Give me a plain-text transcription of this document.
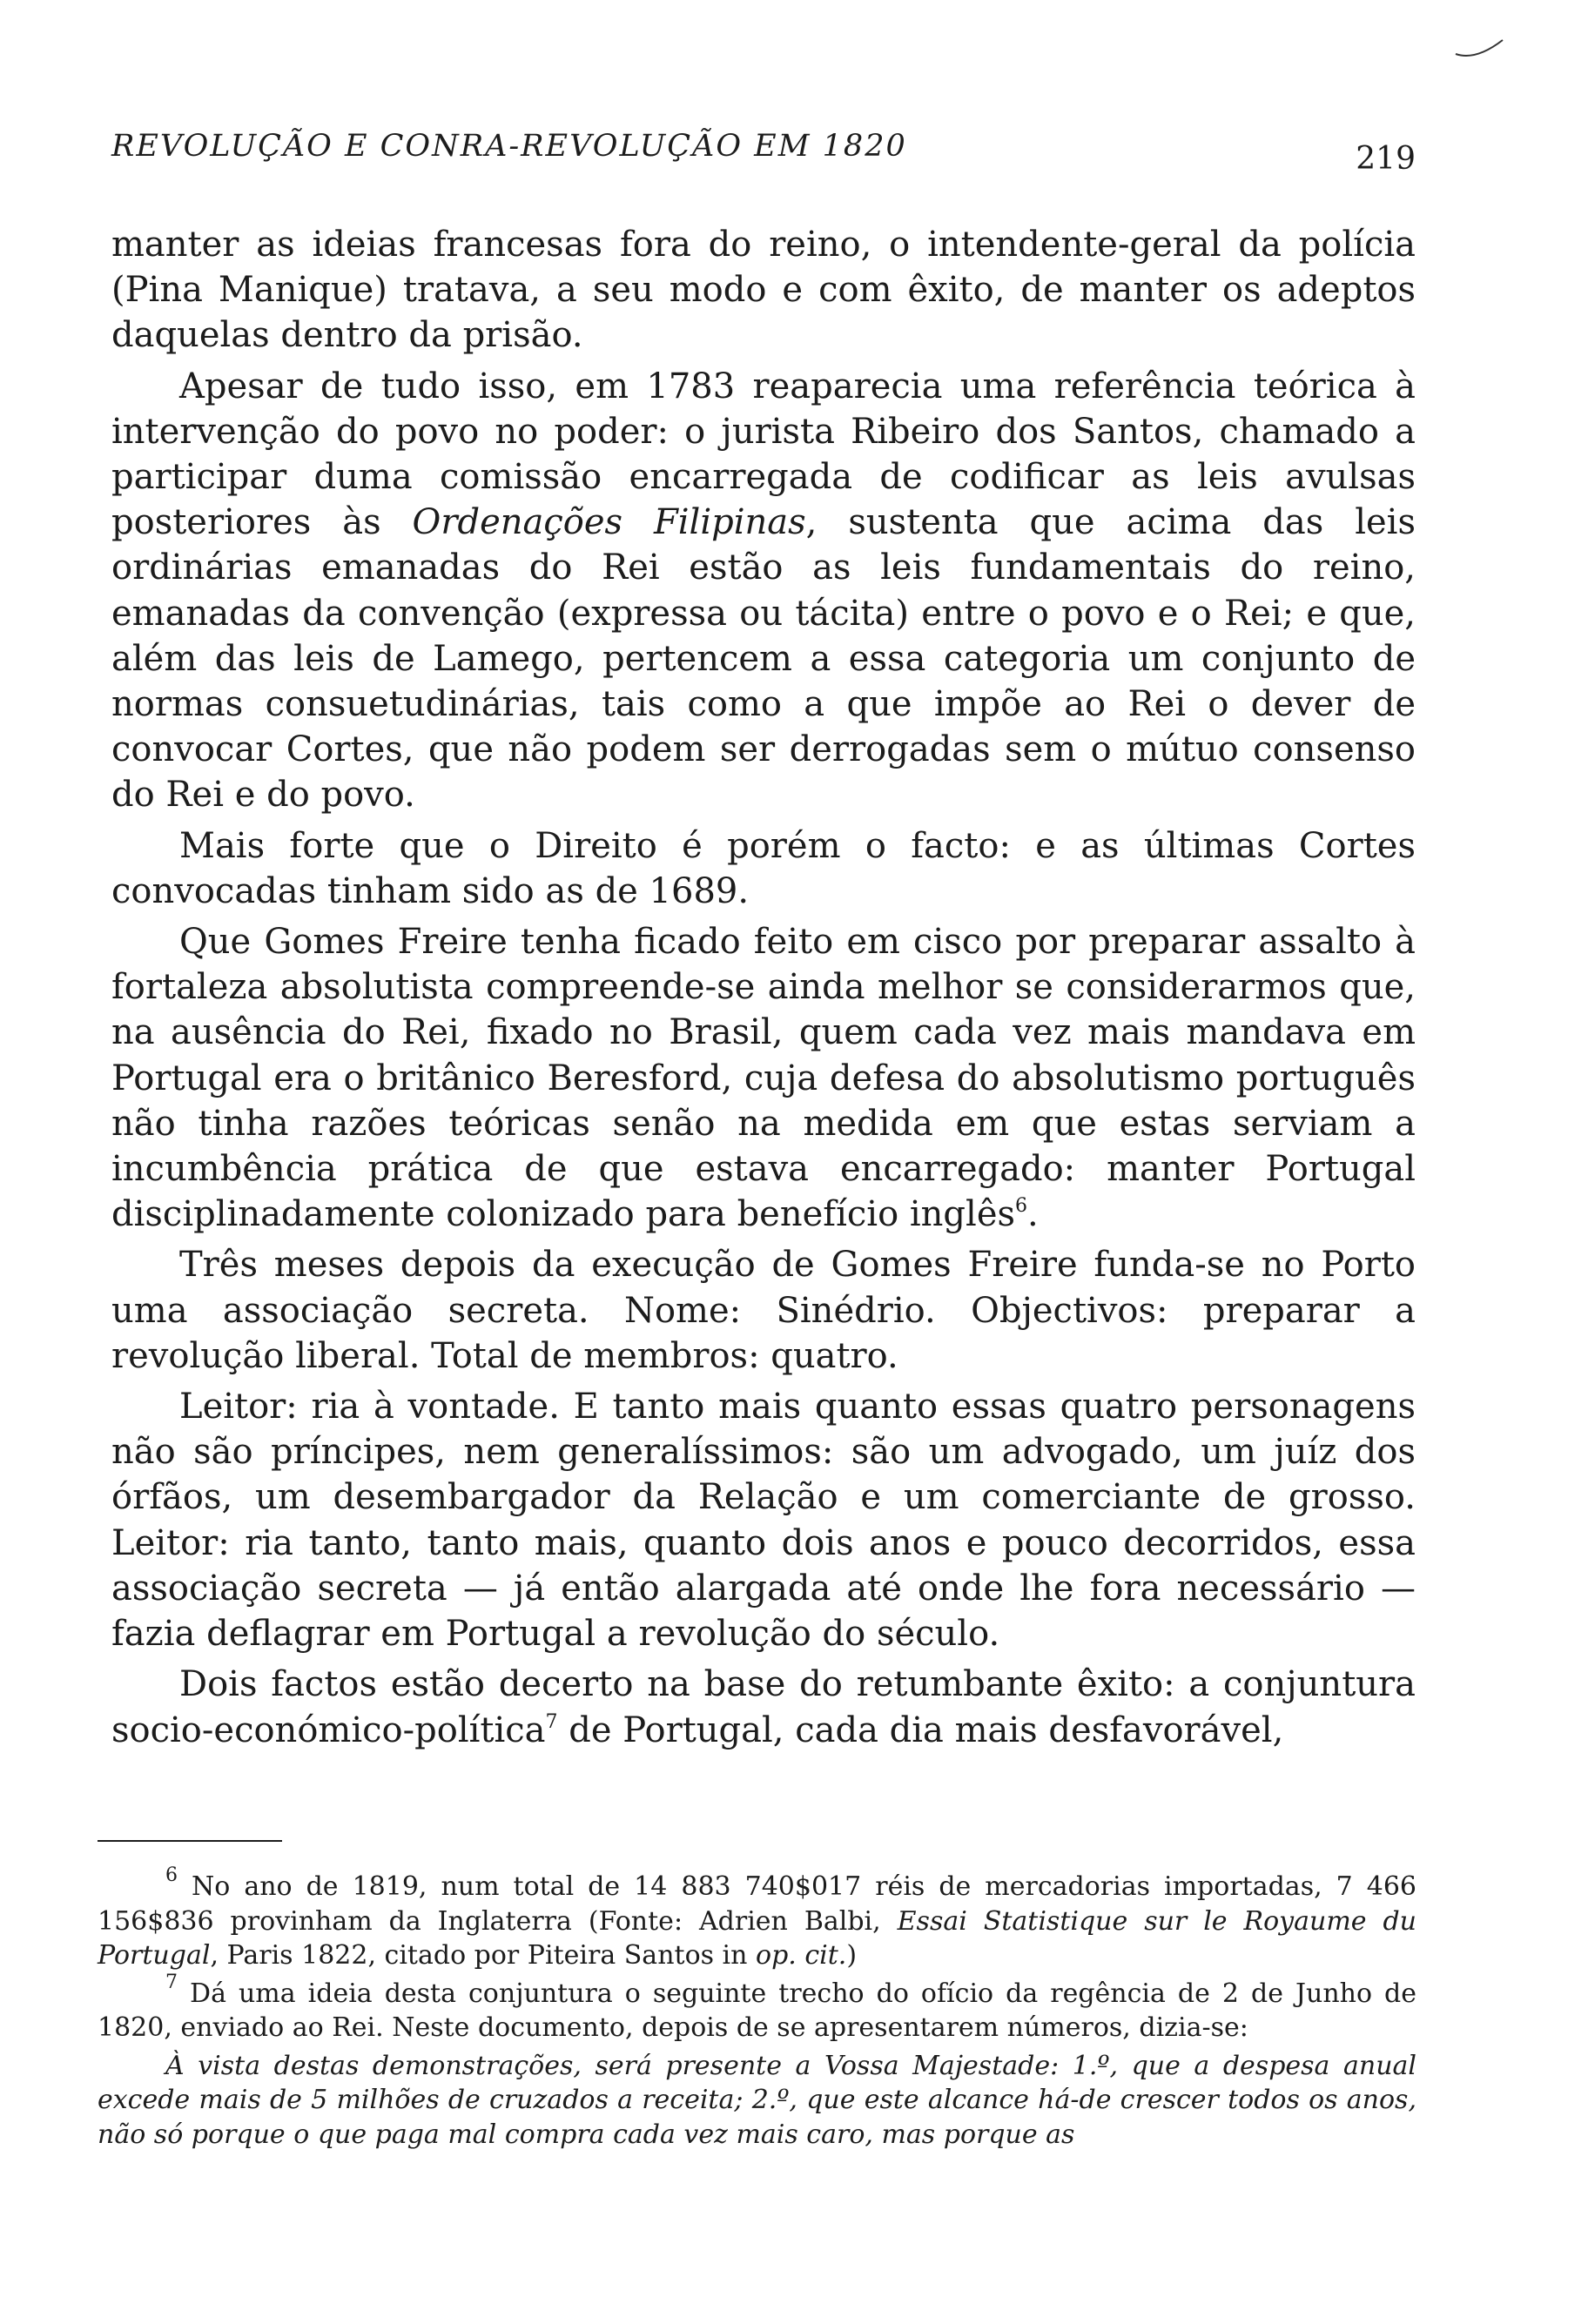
REVOLUÇÃO E CONRA-REVOLUÇÃO EM 1820	219

manter as ideias francesas fora do reino, o intendente-geral da polícia (Pina Manique) tratava, a seu modo e com êxito, de manter os adeptos daquelas dentro da prisão.

Apesar de tudo isso, em 1783 reaparecia uma referência teórica à intervenção do povo no poder: o jurista Ribeiro dos Santos, chamado a participar duma comissão encarregada de codificar as leis avulsas posteriores às Ordenações Filipinas, sustenta que acima das leis ordinárias emanadas do Rei estão as leis fundamentais do reino, emanadas da convenção (expressa ou tácita) entre o povo e o Rei; e que, além das leis de Lamego, pertencem a essa categoria um conjunto de normas consuetudinárias, tais como a que impõe ao Rei o dever de convocar Cortes, que não podem ser derrogadas sem o mútuo consenso do Rei e do povo.

Mais forte que o Direito é porém o facto: e as últimas Cortes convocadas tinham sido as de 1689.

Que Gomes Freire tenha ficado feito em cisco por preparar assalto à fortaleza absolutista compreende-se ainda melhor se considerarmos que, na ausência do Rei, fixado no Brasil, quem cada vez mais mandava em Portugal era o britânico Beresford, cuja defesa do absolutismo português não tinha razões teóricas senão na medida em que estas serviam a incumbência prática de que estava encarregado: manter Portugal disciplinadamente colonizado para benefício inglês$^6$.

Três meses depois da execução de Gomes Freire funda-se no Porto uma associação secreta. Nome: Sinédrio. Objectivos: preparar a revolução liberal. Total de membros: quatro.

Leitor: ria à vontade. E tanto mais quanto essas quatro personagens não são príncipes, nem generalíssimos: são um advogado, um juíz dos órfãos, um desembargador da Relação e um comerciante de grosso. Leitor: ria tanto, tanto mais, quanto dois anos e pouco decorridos, essa associação secreta — já então alargada até onde lhe fora necessário — fazia deflagrar em Portugal a revolução do século.

Dois factos estão decerto na base do retumbante êxito: a conjuntura socio-económico-política$^7$ de Portugal, cada dia mais desfavorável,

$^6$ No ano de 1819, num total de 14 883 740$017 réis de mercadorias importadas, 7 466 156$836 provinham da Inglaterra (Fonte: Adrien Balbi, Essai Statistique sur le Royaume du Portugal, Paris 1822, citado por Piteira Santos in op. cit.)

$^7$ Dá uma ideia desta conjuntura o seguinte trecho do ofício da regência de 2 de Junho de 1820, enviado ao Rei. Neste documento, depois de se apresentarem números, dizia-se:

À vista destas demonstrações, será presente a Vossa Majestade: 1.º, que a despesa anual excede mais de 5 milhões de cruzados a receita; 2.º, que este alcance há-de crescer todos os anos, não só porque o que paga mal compra cada vez mais caro, mas porque as
